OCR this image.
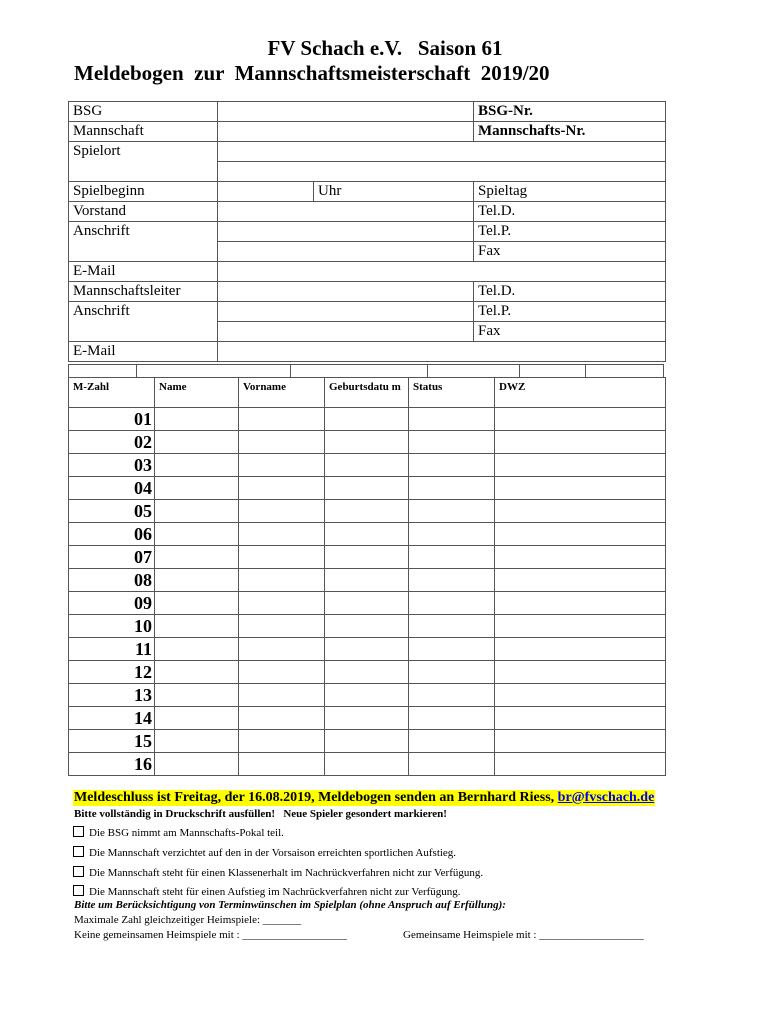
FV Schach e.V.   Saison 61
Meldebogen  zur  Mannschaftsmeisterschaft  2019/20
BSG			BSG-Nr.
Mannschaft			Mannschafts-Nr.
Spielort			

Spielbeginn		Uhr	Spieltag
Vorstand			Tel.D.
Anschrift			Tel.P.
			Fax
E-Mail			
Mannschaftsleiter			Tel.D.
Anschrift			Tel.P.
			Fax
E-Mail			
M-Zahl	Name	Vorname	Geburtsdatu m	Status	DWZ
01					
02					
03					
04					
05					
06					
07					
08					
09					
10					
11					
12					
13					
14					
15					
16					
Meldeschluss ist Freitag, der 16.08.2019, Meldebogen senden an Bernhard Riess, br@fvschach.de
Bitte vollständig in Druckschrift ausfüllen!   Neue Spieler gesondert markieren!
Die BSG nimmt am Mannschafts-Pokal teil.
Die Mannschaft verzichtet auf den in der Vorsaison erreichten sportlichen Aufstieg.
Die Mannschaft steht für einen Klassenerhalt im Nachrückverfahren nicht zur Verfügung.
Die Mannschaft steht für einen Aufstieg im Nachrückverfahren nicht zur Verfügung.
Bitte um Berücksichtigung von Terminwünschen im Spielplan (ohne Anspruch auf Erfüllung):
Maximale Zahl gleichzeitiger Heimspiele: _______
Keine gemeinsamen Heimspiele mit : ___________________	Gemeinsame Heimspiele mit : ___________________
